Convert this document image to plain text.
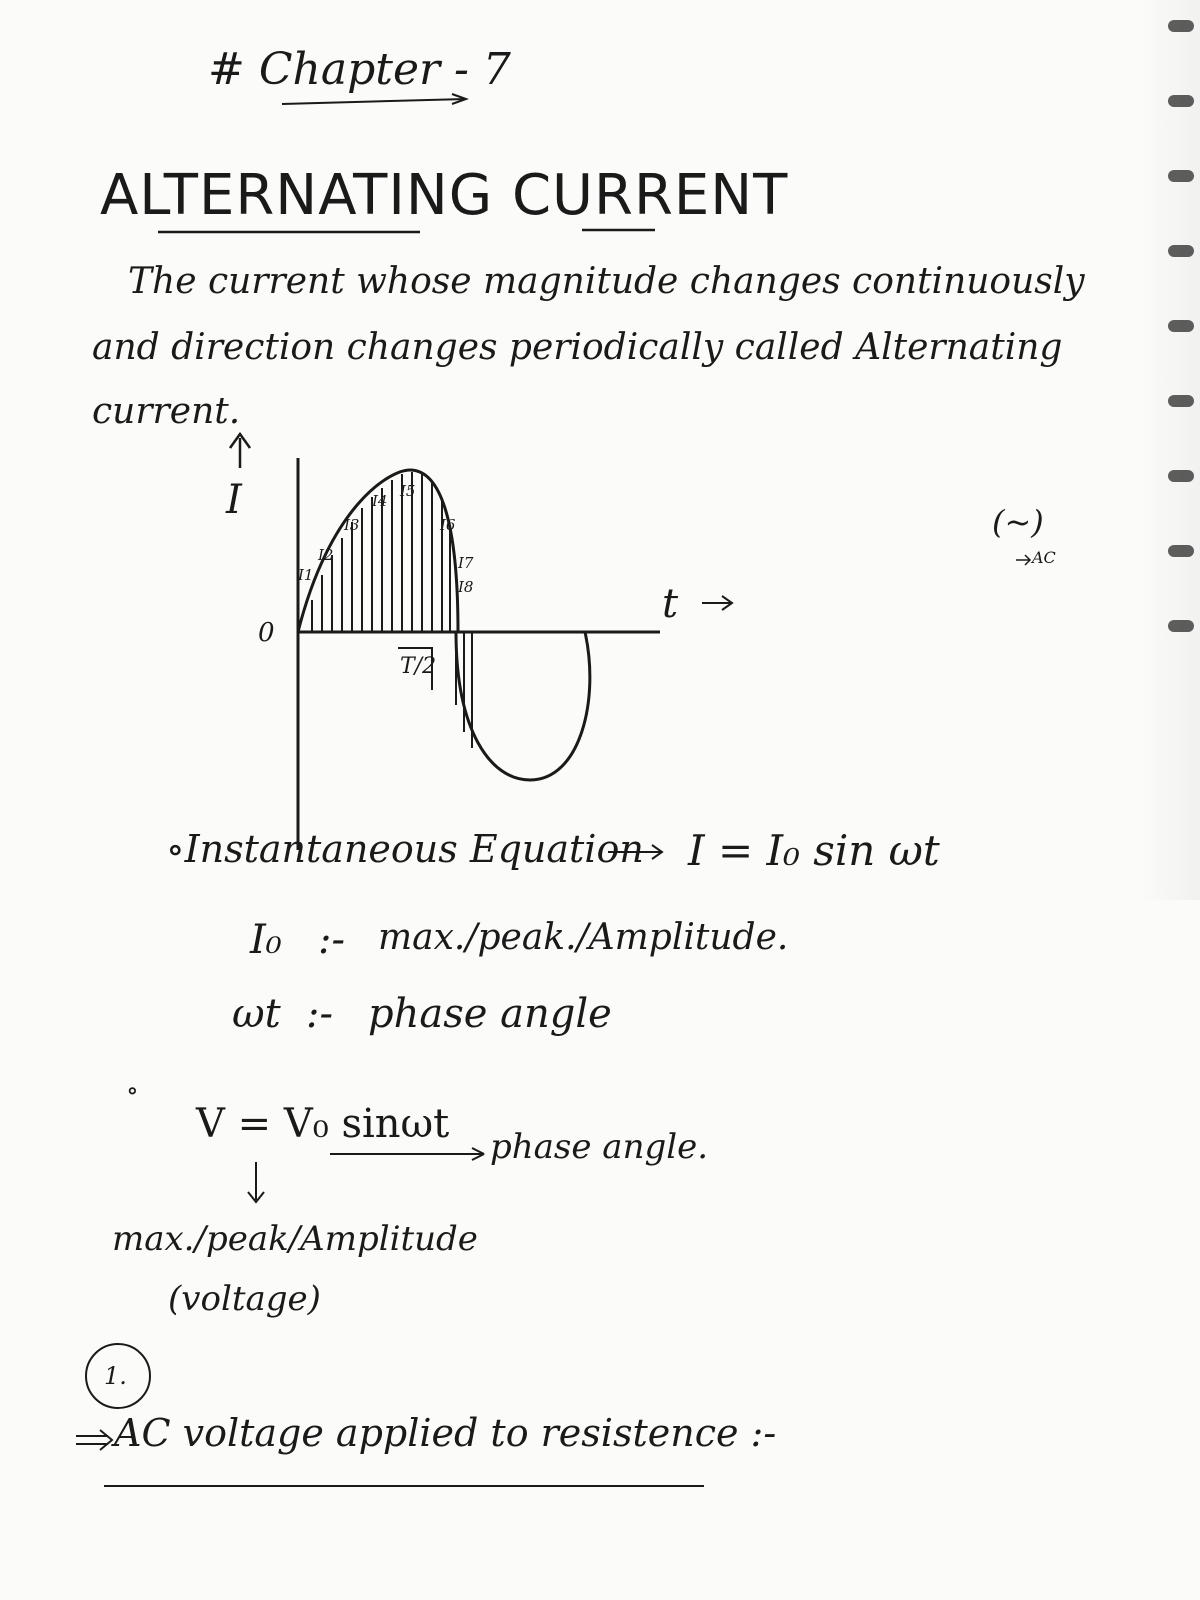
# Chapter - 7
ALTERNATING CURRENT
The current whose magnitude changes continuously
and direction changes periodically called Alternating
current.
I
0
t
T/2
I1
I2
I3
I4
I5
I6
I7
I8
(~)
AC
∘Instantaneous Equation I = I₀ sin ωt
I₀ :- max./peak./Amplitude.
ωt :- phase angle
∘
V = V₀ sinωt phase angle.
max./peak/Amplitude
(voltage)
1.
AC voltage applied to resistence :-
